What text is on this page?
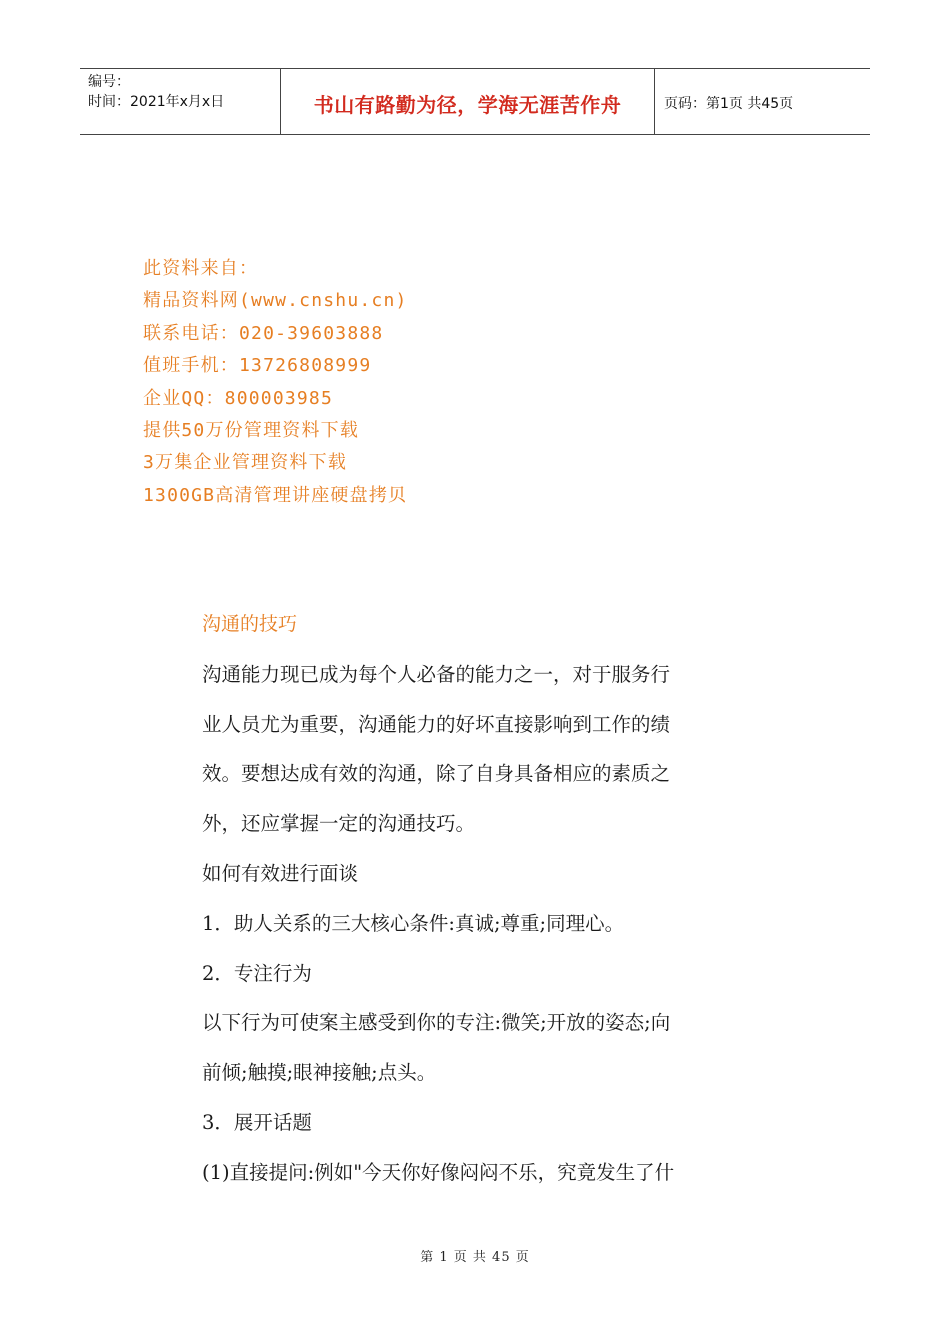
编号：
时间：2021年x月x日	书山有路勤为径，学海无涯苦作舟	页码：第1页 共45页
此资料来自：
精品资料网(www.cnshu.cn)
联系电话：020-39603888
值班手机：13726808999
企业QQ：800003985
提供50万份管理资料下载
3万集企业管理资料下载
1300GB高清管理讲座硬盘拷贝

沟通的技巧

沟通能力现已成为每个人必备的能力之一，对于服务行

业人员尤为重要，沟通能力的好坏直接影响到工作的绩

效。要想达成有效的沟通，除了自身具备相应的素质之

外，还应掌握一定的沟通技巧。

如何有效进行面谈

1．助人关系的三大核心条件:真诚;尊重;同理心。

2．专注行为

以下行为可使案主感受到你的专注:微笑;开放的姿态;向

前倾;触摸;眼神接触;点头。

3．展开话题

(1)直接提问:例如"今天你好像闷闷不乐，究竟发生了什

第 1 页 共 45 页
